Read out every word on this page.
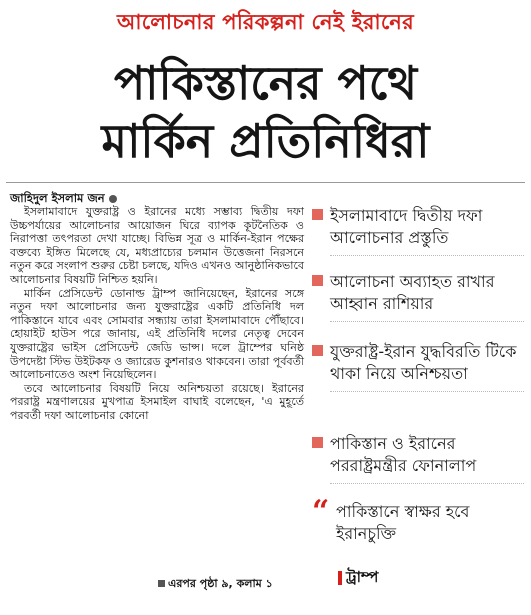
আলোচনার পরিকল্পনা নেই ইরানের
পাকিস্তানের পথে
মার্কিন প্রতিনিধিরা
জাহিদুল ইসলাম জন

ইসলামাবাদে যুক্তরাষ্ট্র ও ইরানের মধ্যে সম্ভাব্য দ্বিতীয় দফা উচ্চপর্যায়ের আলোচনার আয়োজন ঘিরে ব্যাপক কূটনৈতিক ও নিরাপত্তা তৎপরতা দেখা যাচ্ছে। বিভিন্ন সূত্র ও মার্কিন-ইরান পক্ষের বক্তব্যে ইঙ্গিত মিলেছে যে, মধ্যপ্রাচ্যের চলমান উত্তেজনা নিরসনে নতুন করে সংলাপ শুরুর চেষ্টা চলছে, যদিও এখনও আনুষ্ঠানিকভাবে আলোচনার বিষয়টি নিশ্চিত হয়নি।

মার্কিন প্রেসিডেন্ট ডোনাল্ড ট্রাম্প জানিয়েছেন, ইরানের সঙ্গে নতুন দফা আলোচনার জন্য যুক্তরাষ্ট্রের একটি প্রতিনিধি দল পাকিস্তানে যাবে এবং সোমবার সন্ধ্যায় তারা ইসলামাবাদে পৌঁছাবে। হোয়াইট হাউস পরে জানায়, এই প্রতিনিধি দলের নেতৃত্ব দেবেন যুক্তরাষ্ট্রের ভাইস প্রেসিডেন্ট জেডি ভান্স। দলে ট্রাম্পের ঘনিষ্ঠ উপদেষ্টা স্টিভ উইটকফ ও জ্যারেড কুশনারও থাকবেন। তারা পূর্ববর্তী আলোচনাতেও অংশ নিয়েছিলেন।

তবে আলোচনার বিষয়টি নিয়ে অনিশ্চয়তা রয়েছে। ইরানের পররাষ্ট্র মন্ত্রণালয়ের মুখপাত্র ইসমাইল বাঘাই বলেছেন, 'এ মুহূর্তে পরবর্তী দফা আলোচনার কোনো

এরপর পৃষ্ঠা ৯, কলাম ১
ইসলামাবাদে দ্বিতীয় দফা আলোচনার প্রস্তুতি
আলোচনা অব্যাহত রাখার আহ্বান রাশিয়ার
যুক্তরাষ্ট্র-ইরান যুদ্ধবিরতি টিকে থাকা নিয়ে অনিশ্চয়তা
পাকিস্তান ও ইরানের পররাষ্ট্রমন্ত্রীর ফোনালাপ
“ পাকিস্তানে স্বাক্ষর হবে ইরানচুক্তি
ট্রাম্প
